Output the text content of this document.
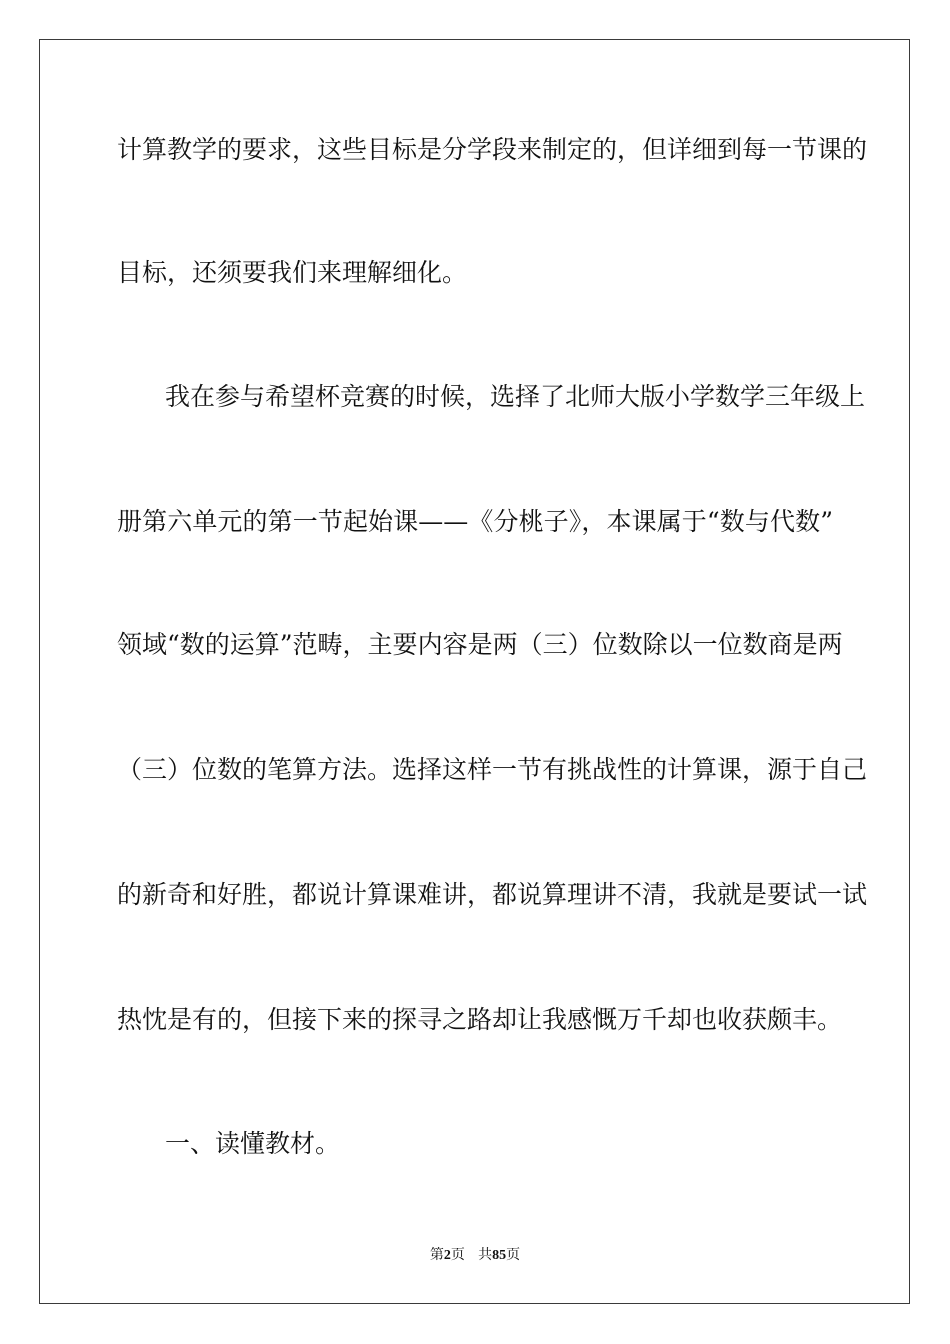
计算教学的要求，这些目标是分学段来制定的，但详细到每一节课的
目标，还须要我们来理解细化。
我在参与希望杯竞赛的时候，选择了北师大版小学数学三年级上
册第六单元的第一节起始课——《分桃子》，本课属于“数与代数”
领域“数的运算”范畴，主要内容是两（三）位数除以一位数商是两
（三）位数的笔算方法。选择这样一节有挑战性的计算课，源于自己
的新奇和好胜，都说计算课难讲，都说算理讲不清，我就是要试一试
热忱是有的，但接下来的探寻之路却让我感慨万千却也收获颇丰。
一、读懂教材。
第2页 共85页
